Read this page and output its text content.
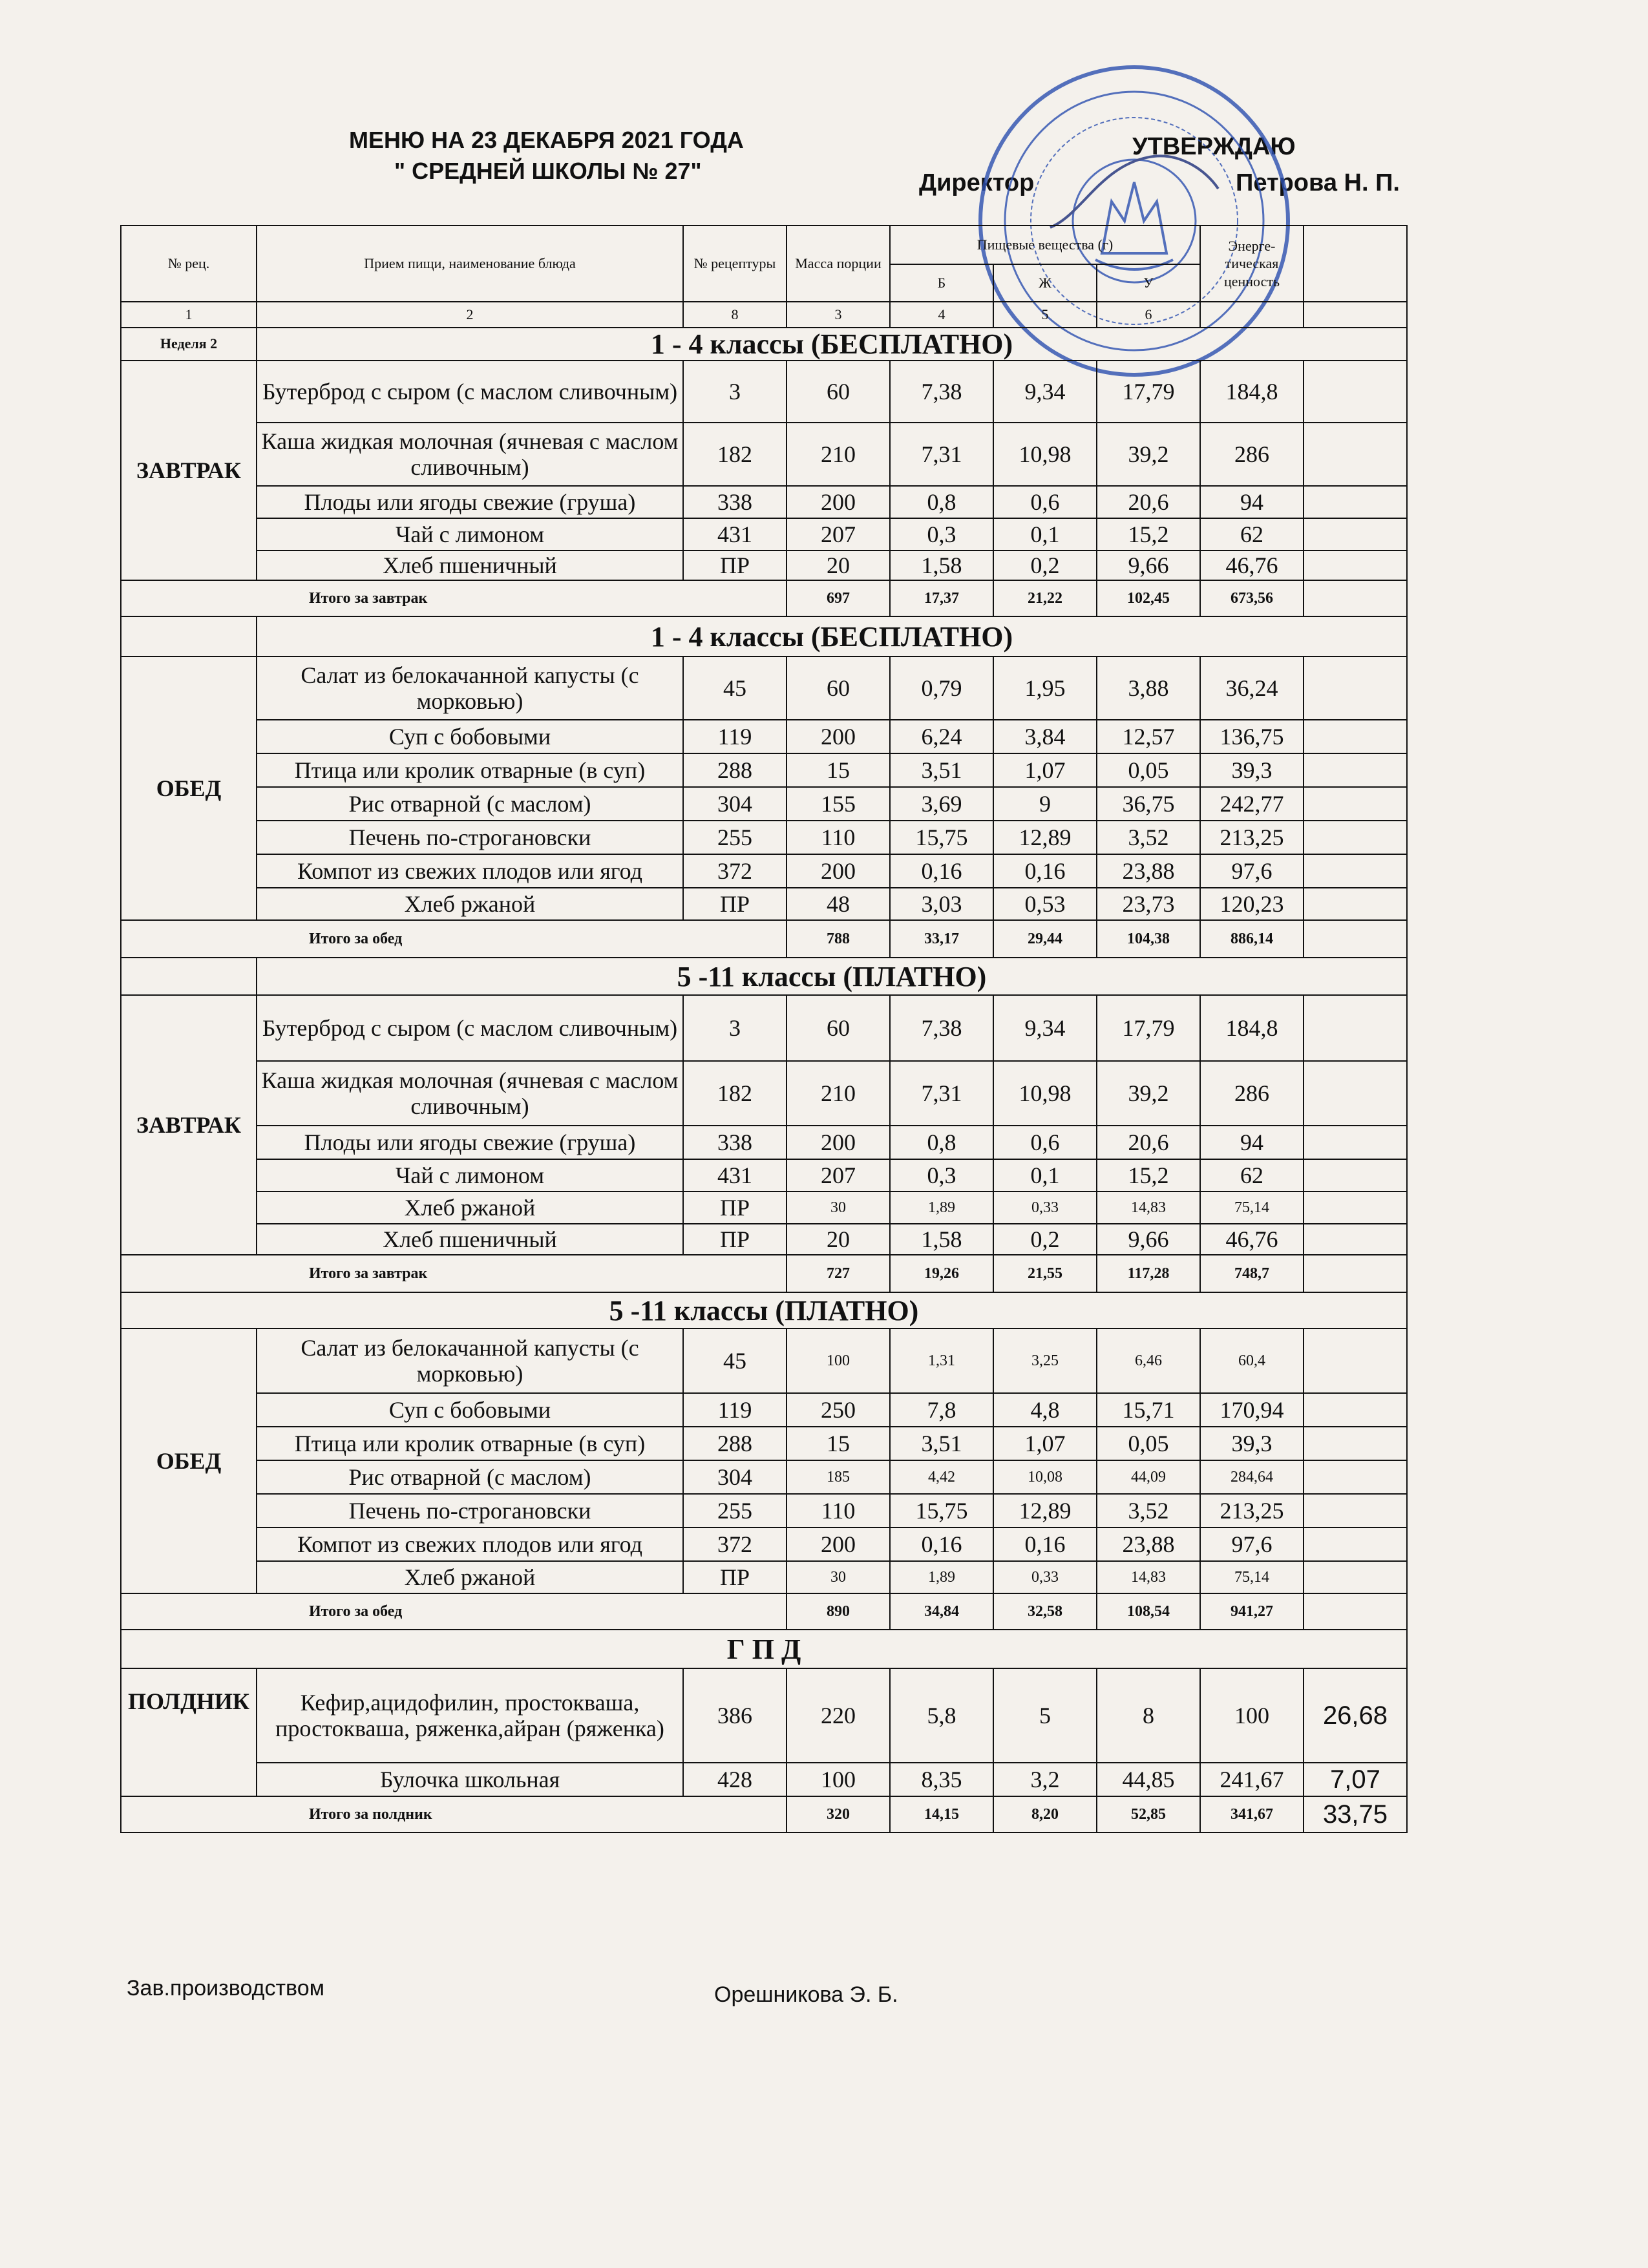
МЕНЮ НА 23 ДЕКАБРЯ 2021 ГОДА
" СРЕДНЕЙ ШКОЛЫ № 27"
УТВЕРЖДАЮ
Директор	Петрова Н. П.
№ рец.	Прием пищи, наименование блюда	№ рецептуры	Масса порции	Пищевые вещества (г)			Энерге-тическая ценность	
				Б	Ж	У		
1	2	8	3	4	5	6		
Неделя 2	1 - 4 классы (БЕСПЛАТНО)							
ЗАВТРАК	Бутерброд с сыром (с маслом сливочным)	3	60	7,38	9,34	17,79	184,8	
	Каша жидкая молочная (ячневая с маслом сливочным)	182	210	7,31	10,98	39,2	286	
	Плоды или ягоды свежие (груша)	338	200	0,8	0,6	20,6	94	
	Чай с лимоном	431	207	0,3	0,1	15,2	62	
	Хлеб пшеничный	ПР	20	1,58	0,2	9,66	46,76	
Итого за завтрак			697	17,37	21,22	102,45	673,56	
	1 - 4 классы (БЕСПЛАТНО)							
ОБЕД	Салат из белокачанной капусты (с морковью)	45	60	0,79	1,95	3,88	36,24	
	Суп с бобовыми	119	200	6,24	3,84	12,57	136,75	
	Птица или кролик отварные (в суп)	288	15	3,51	1,07	0,05	39,3	
	Рис отварной (с маслом)	304	155	3,69	9	36,75	242,77	
	Печень по-строгановски	255	110	15,75	12,89	3,52	213,25	
	Компот из свежих плодов или ягод	372	200	0,16	0,16	23,88	97,6	
	Хлеб ржаной	ПР	48	3,03	0,53	23,73	120,23	
Итого за обед			788	33,17	29,44	104,38	886,14	
	5 -11 классы (ПЛАТНО)							
ЗАВТРАК	Бутерброд с сыром (с маслом сливочным)	3	60	7,38	9,34	17,79	184,8	
	Каша жидкая молочная (ячневая с маслом сливочным)	182	210	7,31	10,98	39,2	286	
	Плоды или ягоды свежие (груша)	338	200	0,8	0,6	20,6	94	
	Чай с лимоном	431	207	0,3	0,1	15,2	62	
	Хлеб ржаной	ПР	30	1,89	0,33	14,83	75,14	
	Хлеб пшеничный	ПР	20	1,58	0,2	9,66	46,76	
Итого за завтрак			727	19,26	21,55	117,28	748,7	
5 -11 классы (ПЛАТНО)								
ОБЕД	Салат из белокачанной капусты (с морковью)	45	100	1,31	3,25	6,46	60,4	
	Суп с бобовыми	119	250	7,8	4,8	15,71	170,94	
	Птица или кролик отварные (в суп)	288	15	3,51	1,07	0,05	39,3	
	Рис отварной (с маслом)	304	185	4,42	10,08	44,09	284,64	
	Печень по-строгановски	255	110	15,75	12,89	3,52	213,25	
	Компот из свежих плодов или ягод	372	200	0,16	0,16	23,88	97,6	
	Хлеб ржаной	ПР	30	1,89	0,33	14,83	75,14	
Итого за обед			890	34,84	32,58	108,54	941,27	
Г П Д								
ПОЛДНИК	Кефир,ацидофилин, простокваша, простокваша, ряженка,айран (ряженка)	386	220	5,8	5	8	100	26,68
	Булочка школьная	428	100	8,35	3,2	44,85	241,67	7,07
Итого за полдник			320	14,15	8,20	52,85	341,67	33,75
Зав.производством	Орешникова Э. Б.
